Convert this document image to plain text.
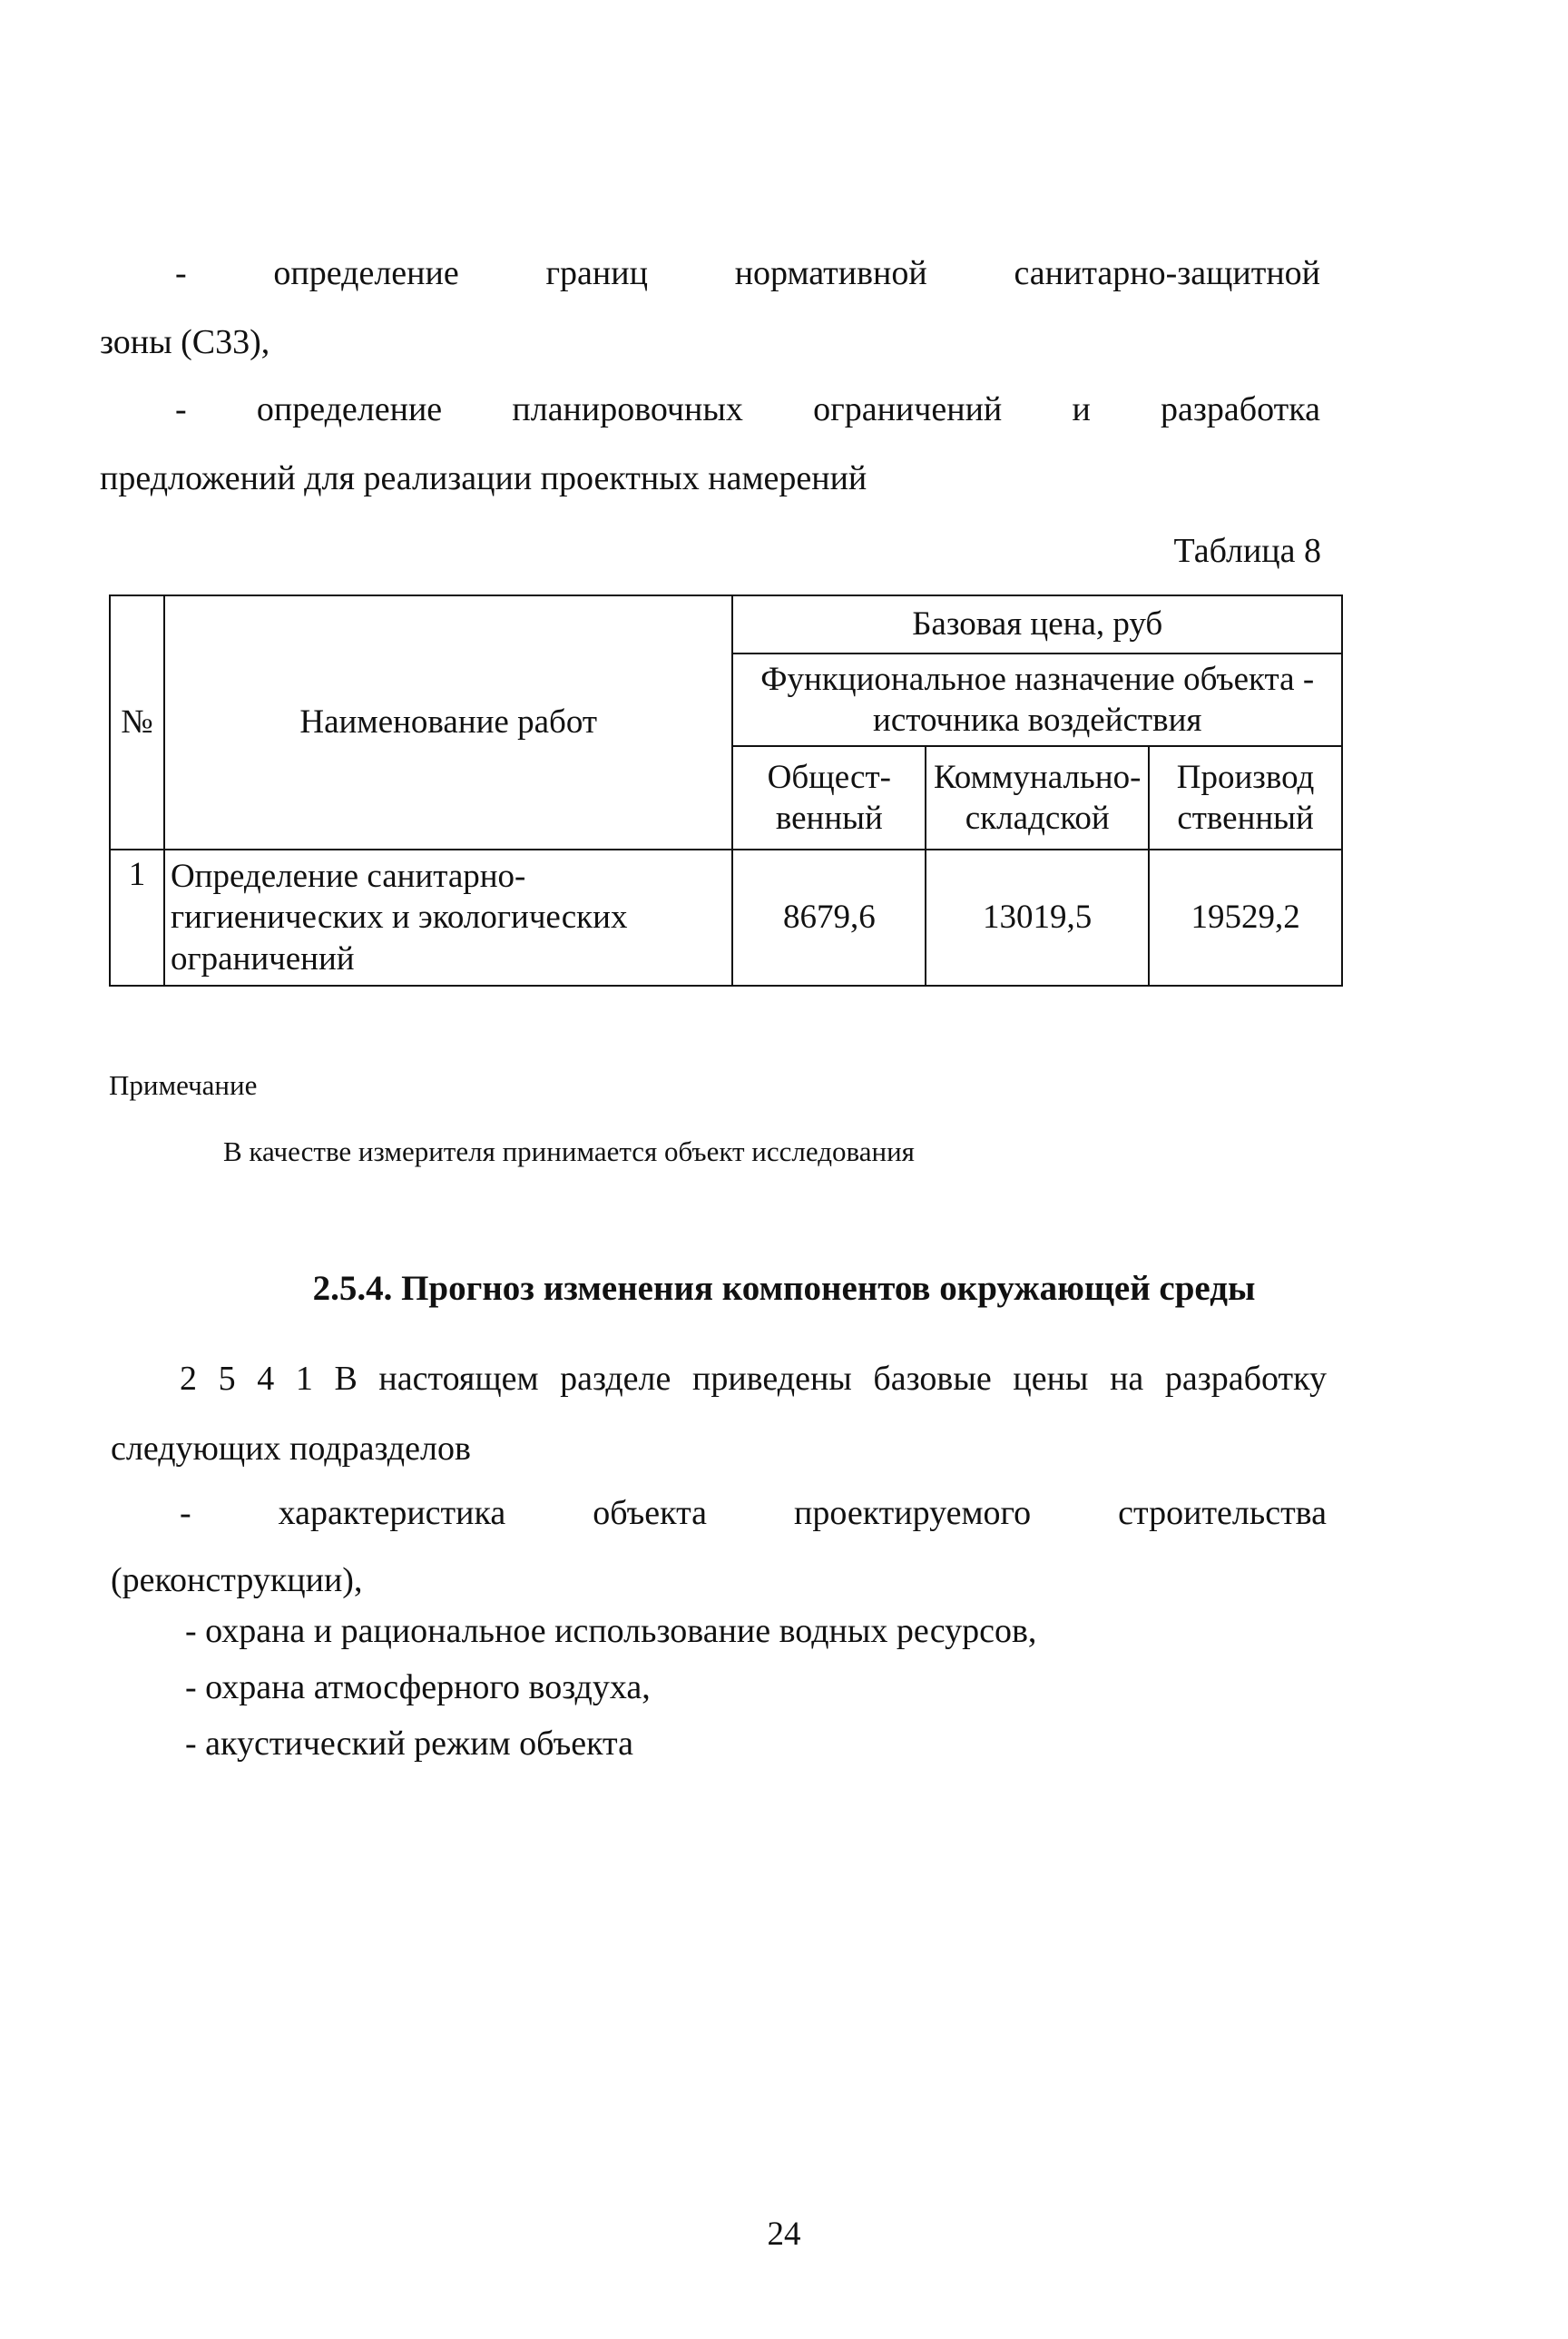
- определение границ нормативной санитарно-защитной
зоны (С33),
- определение планировочных ограничений и разработка
предложений для реализации проектных намерений
Таблица 8
№	Наименование работ	Базовая цена, руб		
		Функциональное назначение объекта - источника воздействия		
		Общест-венный	Коммунально-складской	Производ ственный
1	Определение санитарно-гигиенических и экологических ограничений	8679,6	13019,5	19529,2
Примечание
В качестве измерителя принимается объект исследования
2.5.4. Прогноз изменения компонентов окружающей среды
2 5 4 1 В настоящем разделе приведены базовые цены на разработку
следующих подразделов
- характеристика объекта проектируемого строительства
(реконструкции),
- охрана и рациональное использование водных ресурсов,
- охрана атмосферного воздуха,
- акустический режим объекта
24
